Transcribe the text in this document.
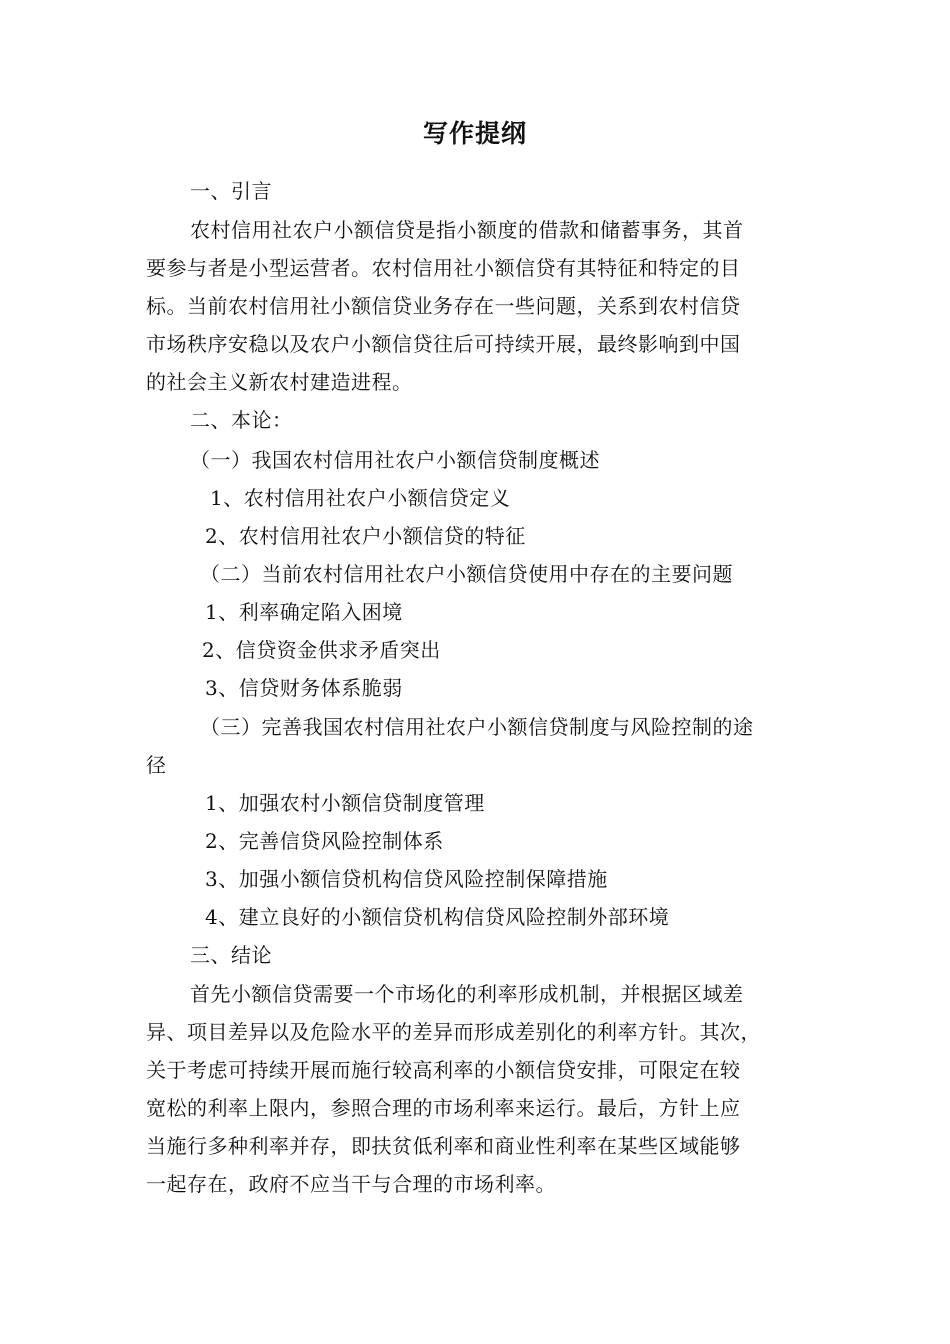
写作提纲
一、引言
农村信用社农户小额信贷是指小额度的借款和储蓄事务，其首
要参与者是小型运营者。农村信用社小额信贷有其特征和特定的目
标。当前农村信用社小额信贷业务存在一些问题，关系到农村信贷
市场秩序安稳以及农户小额信贷往后可持续开展，最终影响到中国
的社会主义新农村建造进程。
二、本论：
（一）我国农村信用社农户小额信贷制度概述
1、农村信用社农户小额信贷定义
2、农村信用社农户小额信贷的特征
（二）当前农村信用社农户小额信贷使用中存在的主要问题
1、利率确定陷入困境
2、信贷资金供求矛盾突出
3、信贷财务体系脆弱
（三）完善我国农村信用社农户小额信贷制度与风险控制的途
径
1、加强农村小额信贷制度管理
2、完善信贷风险控制体系
3、加强小额信贷机构信贷风险控制保障措施
4、建立良好的小额信贷机构信贷风险控制外部环境
三、结论
首先小额信贷需要一个市场化的利率形成机制，并根据区域差
异、项目差异以及危险水平的差异而形成差别化的利率方针。其次，
关于考虑可持续开展而施行较高利率的小额信贷安排，可限定在较
宽松的利率上限内，参照合理的市场利率来运行。最后，方针上应
当施行多种利率并存，即扶贫低利率和商业性利率在某些区域能够
一起存在，政府不应当干与合理的市场利率。
